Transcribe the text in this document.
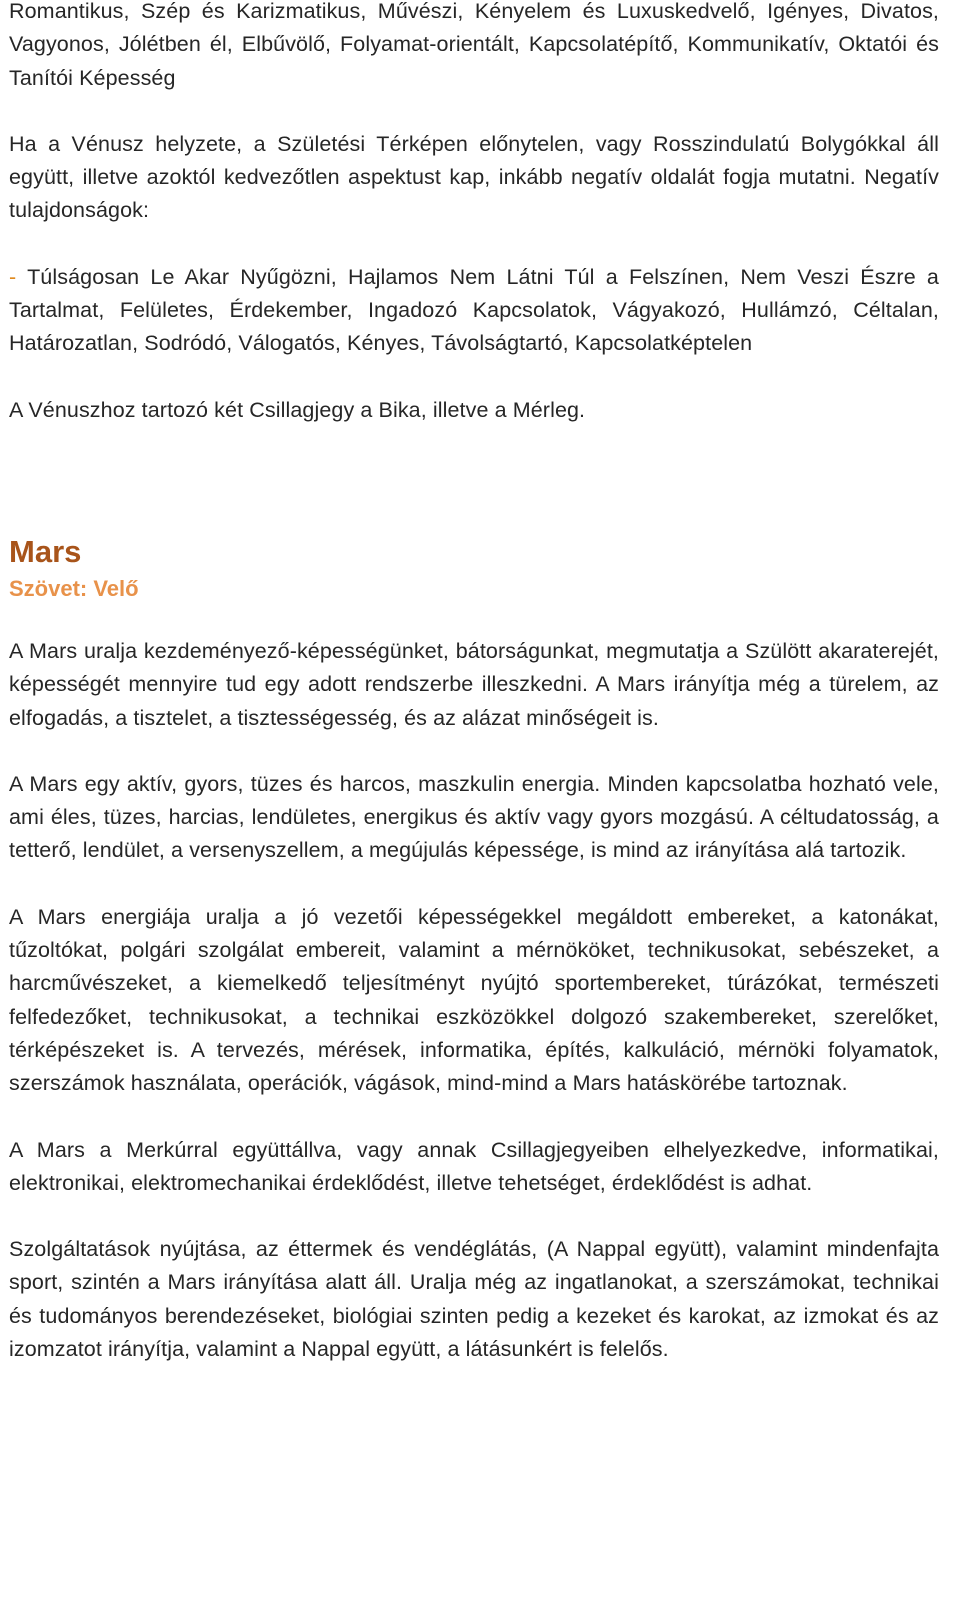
Romantikus, Szép és Karizmatikus, Művészi, Kényelem és Luxuskedvelő, Igényes, Divatos, Vagyonos, Jólétben él, Elbűvölő, Folyamat-orientált, Kapcsolatépítő, Kommunikatív, Oktatói és Tanítói Képesség

Ha a Vénusz helyzete, a Születési Térképen előnytelen, vagy Rosszindulatú Bolygókkal áll együtt, illetve azoktól kedvezőtlen aspektust kap, inkább negatív oldalát fogja mutatni. Negatív tulajdonságok:

- Túlságosan Le Akar Nyűgözni, Hajlamos Nem Látni Túl a Felszínen, Nem Veszi Észre a Tartalmat, Felületes, Érdekember, Ingadozó Kapcsolatok, Vágyakozó, Hullámzó, Céltalan, Határozatlan, Sodródó, Válogatós, Kényes, Távolságtartó, Kapcsolatképtelen

A Vénuszhoz tartozó két Csillagjegy a Bika, illetve a Mérleg.

Mars
Szövet: Velő

A Mars uralja kezdeményező-képességünket, bátorságunkat, megmutatja a Szülött akaraterejét, képességét mennyire tud egy adott rendszerbe illeszkedni. A Mars irányítja még a türelem, az elfogadás, a tisztelet, a tisztességesség, és az alázat minőségeit is.

A Mars egy aktív, gyors, tüzes és harcos, maszkulin energia. Minden kapcsolatba hozható vele, ami éles, tüzes, harcias, lendületes, energikus és aktív vagy gyors mozgású. A céltudatosság, a tetterő, lendület, a versenyszellem, a megújulás képessége, is mind az irányítása alá tartozik.

A Mars energiája uralja a jó vezetői képességekkel megáldott embereket, a katonákat, tűzoltókat, polgári szolgálat embereit, valamint a mérnököket, technikusokat, sebészeket, a harcművészeket, a kiemelkedő teljesítményt nyújtó sportembereket, túrázókat, természeti felfedezőket, technikusokat, a technikai eszközökkel dolgozó szakembereket, szerelőket, térképészeket is. A tervezés, mérések, informatika, építés, kalkuláció, mérnöki folyamatok, szerszámok használata, operációk, vágások, mind-mind a Mars hatáskörébe tartoznak.

A Mars a Merkúrral együttállva, vagy annak Csillagjegyeiben elhelyezkedve, informatikai, elektronikai, elektromechanikai érdeklődést, illetve tehetséget, érdeklődést is adhat.

Szolgáltatások nyújtása, az éttermek és vendéglátás, (A Nappal együtt), valamint mindenfajta sport, szintén a Mars irányítása alatt áll. Uralja még az ingatlanokat, a szerszámokat, technikai és tudományos berendezéseket, biológiai szinten pedig a kezeket és karokat, az izmokat és az izomzatot irányítja, valamint a Nappal együtt, a látásunkért is felelős.
